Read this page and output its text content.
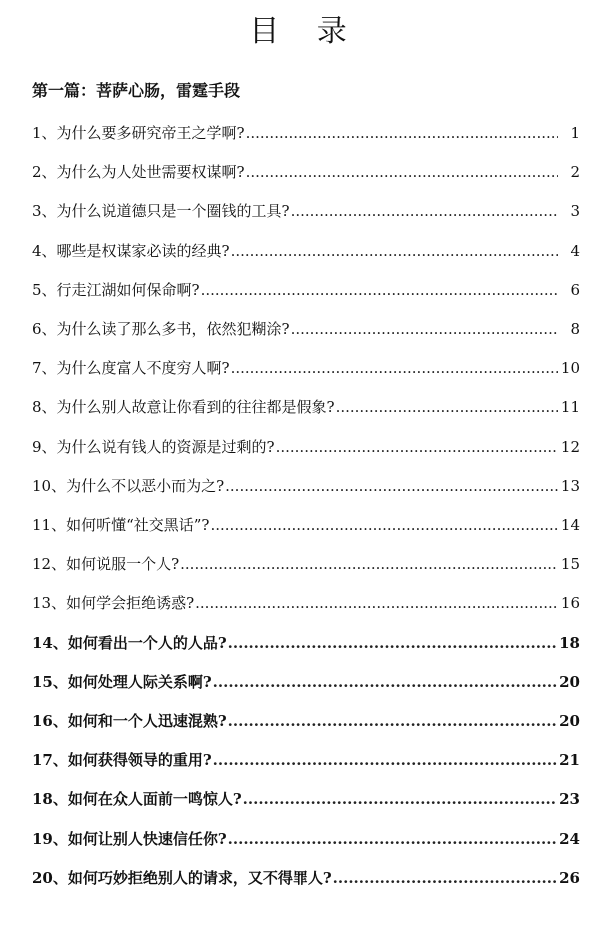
目 录
第一篇：菩萨心肠，雷霆手段
1、 为什么要多研究帝王之学啊? .....	1
2、 为什么为人处世需要权谋啊? .....	2
3、 为什么说道德只是一个圈钱的工具? .....	3
4、 哪些是权谋家必读的经典? .....	4
5、 行走江湖如何保命啊? .....	6
6、 为什么读了那么多书，依然犯糊涂? .....	8
7、 为什么度富人不度穷人啊? .....	10
8、 为什么别人故意让你看到的往往都是假象? .....	11
9、 为什么说有钱人的资源是过剩的? .....	12
10、 为什么不以恶小而为之? .....	13
11、 如何听懂“社交黑话”? .....	14
12、 如何说服一个人? .....	15
13、 如何学会拒绝诱惑? .....	16
14、 如何看出一个人的人品? .....	18
15、 如何处理人际关系啊? .....	20
16、 如何和一个人迅速混熟? .....	20
17、 如何获得领导的重用? .....	21
18、 如何在众人面前一鸣惊人? .....	23
19、 如何让别人快速信任你? .....	24
20、 如何巧妙拒绝别人的请求，又不得罪人? .....	26
